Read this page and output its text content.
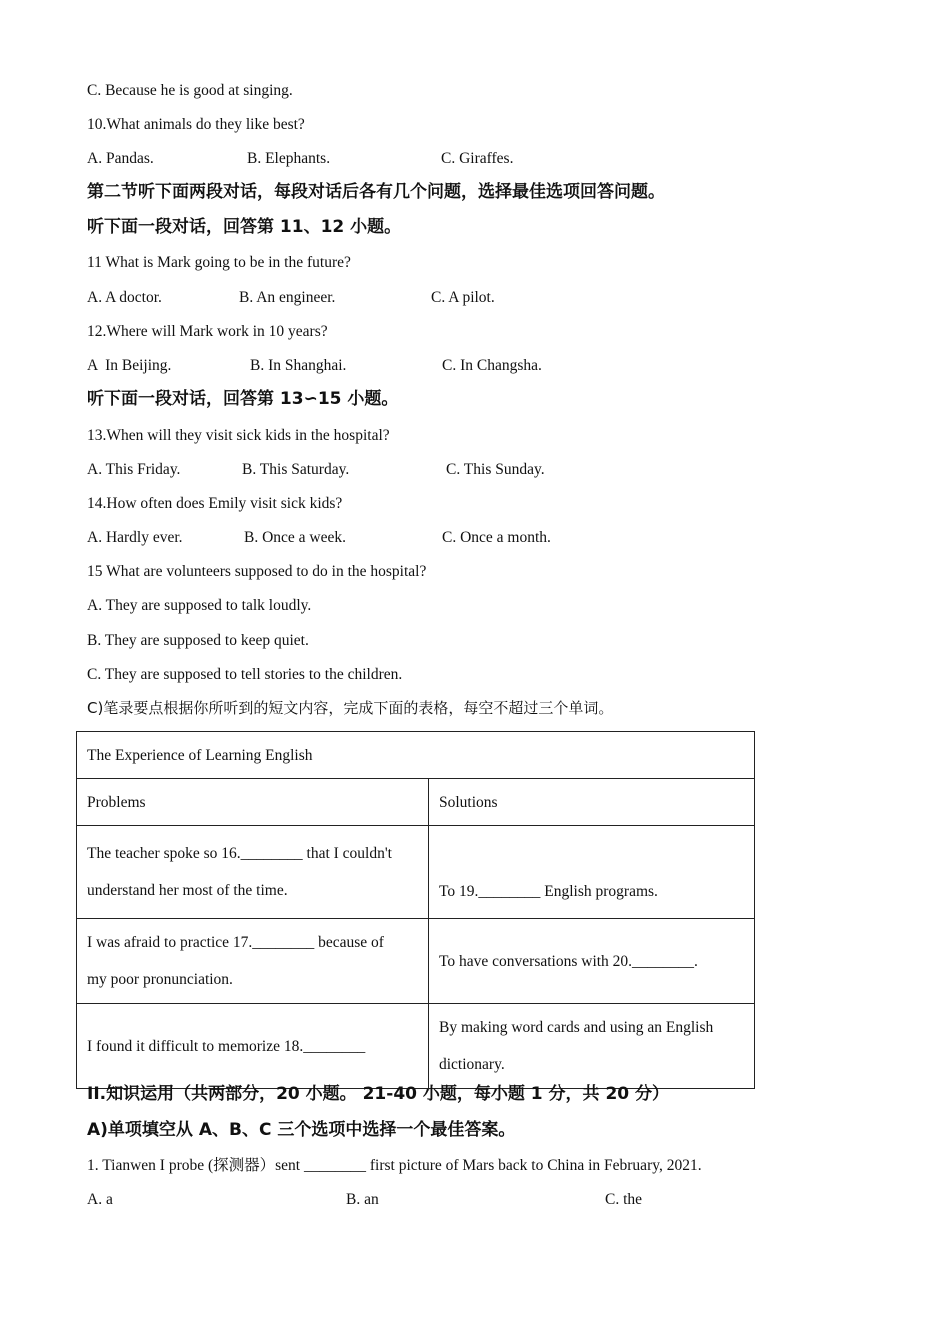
C. Because he is good at singing.
10.What animals do they like best?
A. Pandas.	B. Elephants.	C. Giraffes.
第二节听下面两段对话，每段对话后各有几个问题，选择最佳选项回答问题。
听下面一段对话，回答第 11、12 小题。
11 What is Mark going to be in the future?
A. A doctor.	B. An engineer.	C. A pilot.
12.Where will Mark work in 10 years?
A  In Beijing.	B. In Shanghai.	C. In Changsha.
听下面一段对话，回答第 13∽15 小题。
13.When will they visit sick kids in the hospital?
A. This Friday.	B. This Saturday.	C. This Sunday.
14.How often does Emily visit sick kids?
A. Hardly ever.	B. Once a week.	C. Once a month.
15 What are volunteers supposed to do in the hospital?
A. They are supposed to talk loudly.
B. They are supposed to keep quiet.
C. They are supposed to tell stories to the children.
C)笔录要点根据你所听到的短文内容，完成下面的表格，每空不超过三个单词。
The Experience of Learning English	
Problems	Solutions

The teacher spoke so 16.________ that I couldn't
understand her most of the time.	To 19.________ English programs.

I was afraid to practice 17.________ because of
my poor pronunciation.	To have conversations with 20.________.

I found it difficult to memorize 18.________	By making word cards and using an English
dictionary.
II.知识运用（共两部分，20 小题。 21-40 小题，每小题 1 分，共 20 分）
A)单项填空从 A、B、C 三个选项中选择一个最佳答案。
1. Tianwen I probe (探测器）sent ________ first picture of Mars back to China in February, 2021.
A. a	B. an	C. the
